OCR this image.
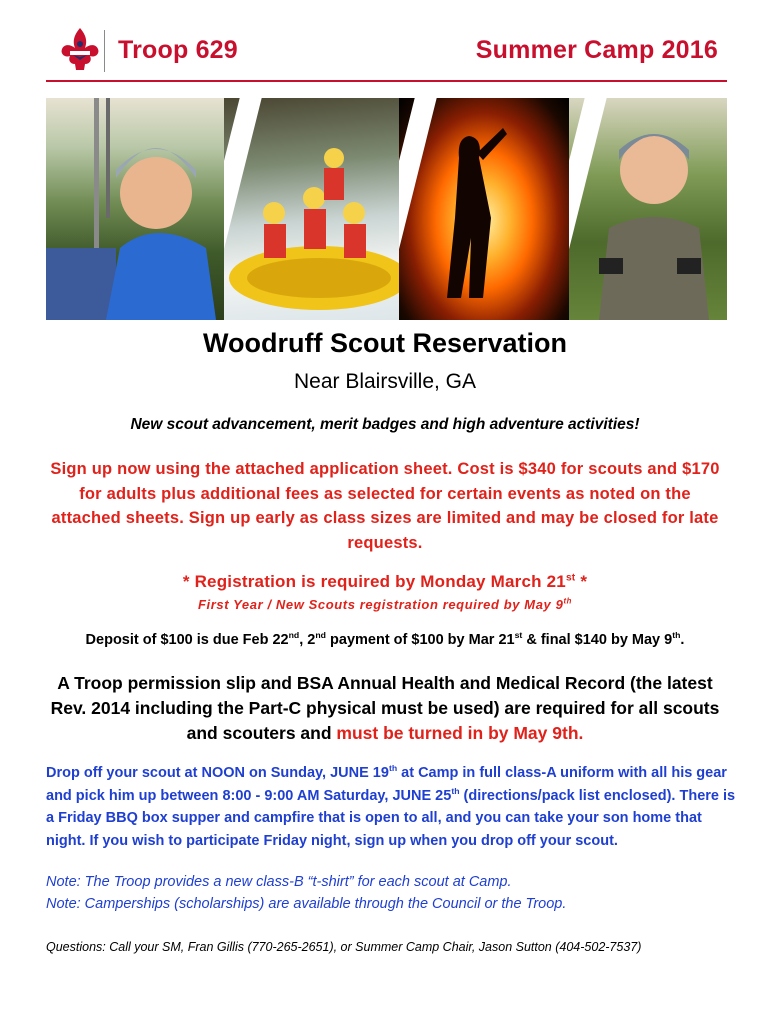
Troop 629	Summer Camp 2016
Woodruff Scout Reservation
Near Blairsville, GA
New scout advancement, merit badges and high adventure activities!
Sign up now using the attached application sheet. Cost is $340 for scouts and $170 for adults plus additional fees as selected for certain events as noted on the attached sheets. Sign up early as class sizes are limited and may be closed for late requests.
* Registration is required by Monday March 21st *
First Year / New Scouts registration required by May 9th
Deposit of $100 is due Feb 22nd, 2nd payment of $100 by Mar 21st & final $140 by May 9th.
A Troop permission slip and BSA Annual Health and Medical Record (the latest Rev. 2014 including the Part-C physical must be used) are required for all scouts and scouters and must be turned in by May 9th.
Drop off your scout at NOON on Sunday, JUNE 19th at Camp in full class-A uniform with all his gear and pick him up between 8:00 - 9:00 AM Saturday, JUNE 25th (directions/pack list enclosed). There is a Friday BBQ box supper and campfire that is open to all, and you can take your son home that night. If you wish to participate Friday night, sign up when you drop off your scout.
Note: The Troop provides a new class-B “t-shirt” for each scout at Camp.
Note: Camperships (scholarships) are available through the Council or the Troop.
Questions: Call your SM, Fran Gillis (770-265-2651), or Summer Camp Chair, Jason Sutton (404-502-7537)
